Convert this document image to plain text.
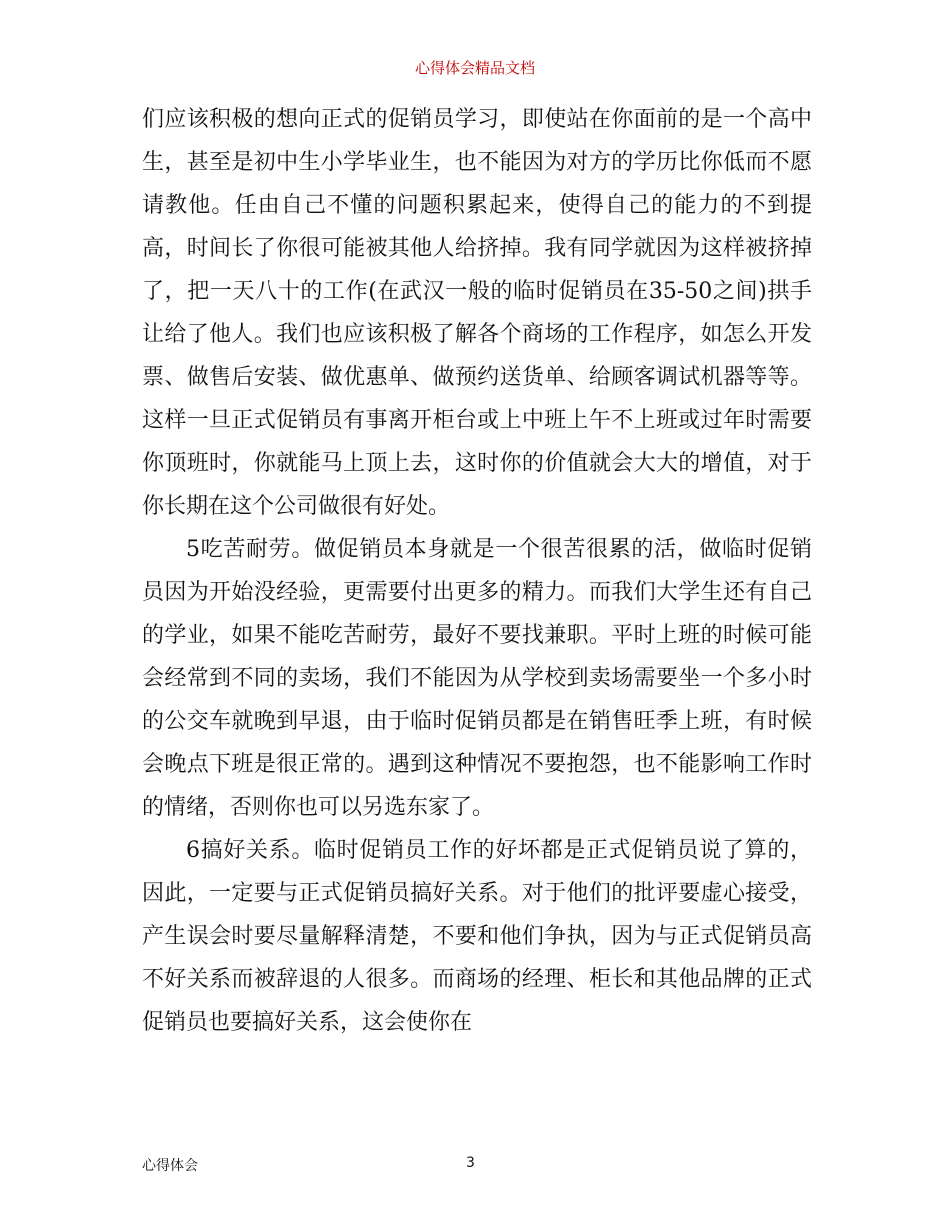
心得体会精品文档

们应该积极的想向正式的促销员学习，即使站在你面前的是一个高中生，甚至是初中生小学毕业生，也不能因为对方的学历比你低而不愿请教他。任由自己不懂的问题积累起来，使得自己的能力的不到提高，时间长了你很可能被其他人给挤掉。我有同学就因为这样被挤掉了，把一天八十的工作(在武汉一般的临时促销员在35-50之间)拱手让给了他人。我们也应该积极了解各个商场的工作程序，如怎么开发票、做售后安装、做优惠单、做预约送货单、给顾客调试机器等等。这样一旦正式促销员有事离开柜台或上中班上午不上班或过年时需要你顶班时，你就能马上顶上去，这时你的价值就会大大的增值，对于你长期在这个公司做很有好处。

5吃苦耐劳。做促销员本身就是一个很苦很累的活，做临时促销员因为开始没经验，更需要付出更多的精力。而我们大学生还有自己的学业，如果不能吃苦耐劳，最好不要找兼职。平时上班的时候可能会经常到不同的卖场，我们不能因为从学校到卖场需要坐一个多小时的公交车就晚到早退，由于临时促销员都是在销售旺季上班，有时候会晚点下班是很正常的。遇到这种情况不要抱怨，也不能影响工作时的情绪，否则你也可以另选东家了。

6搞好关系。临时促销员工作的好坏都是正式促销员说了算的，因此，一定要与正式促销员搞好关系。对于他们的批评要虚心接受，产生误会时要尽量解释清楚，不要和他们争执，因为与正式促销员高不好关系而被辞退的人很多。而商场的经理、柜长和其他品牌的正式促销员也要搞好关系，这会使你在

心得体会	3
